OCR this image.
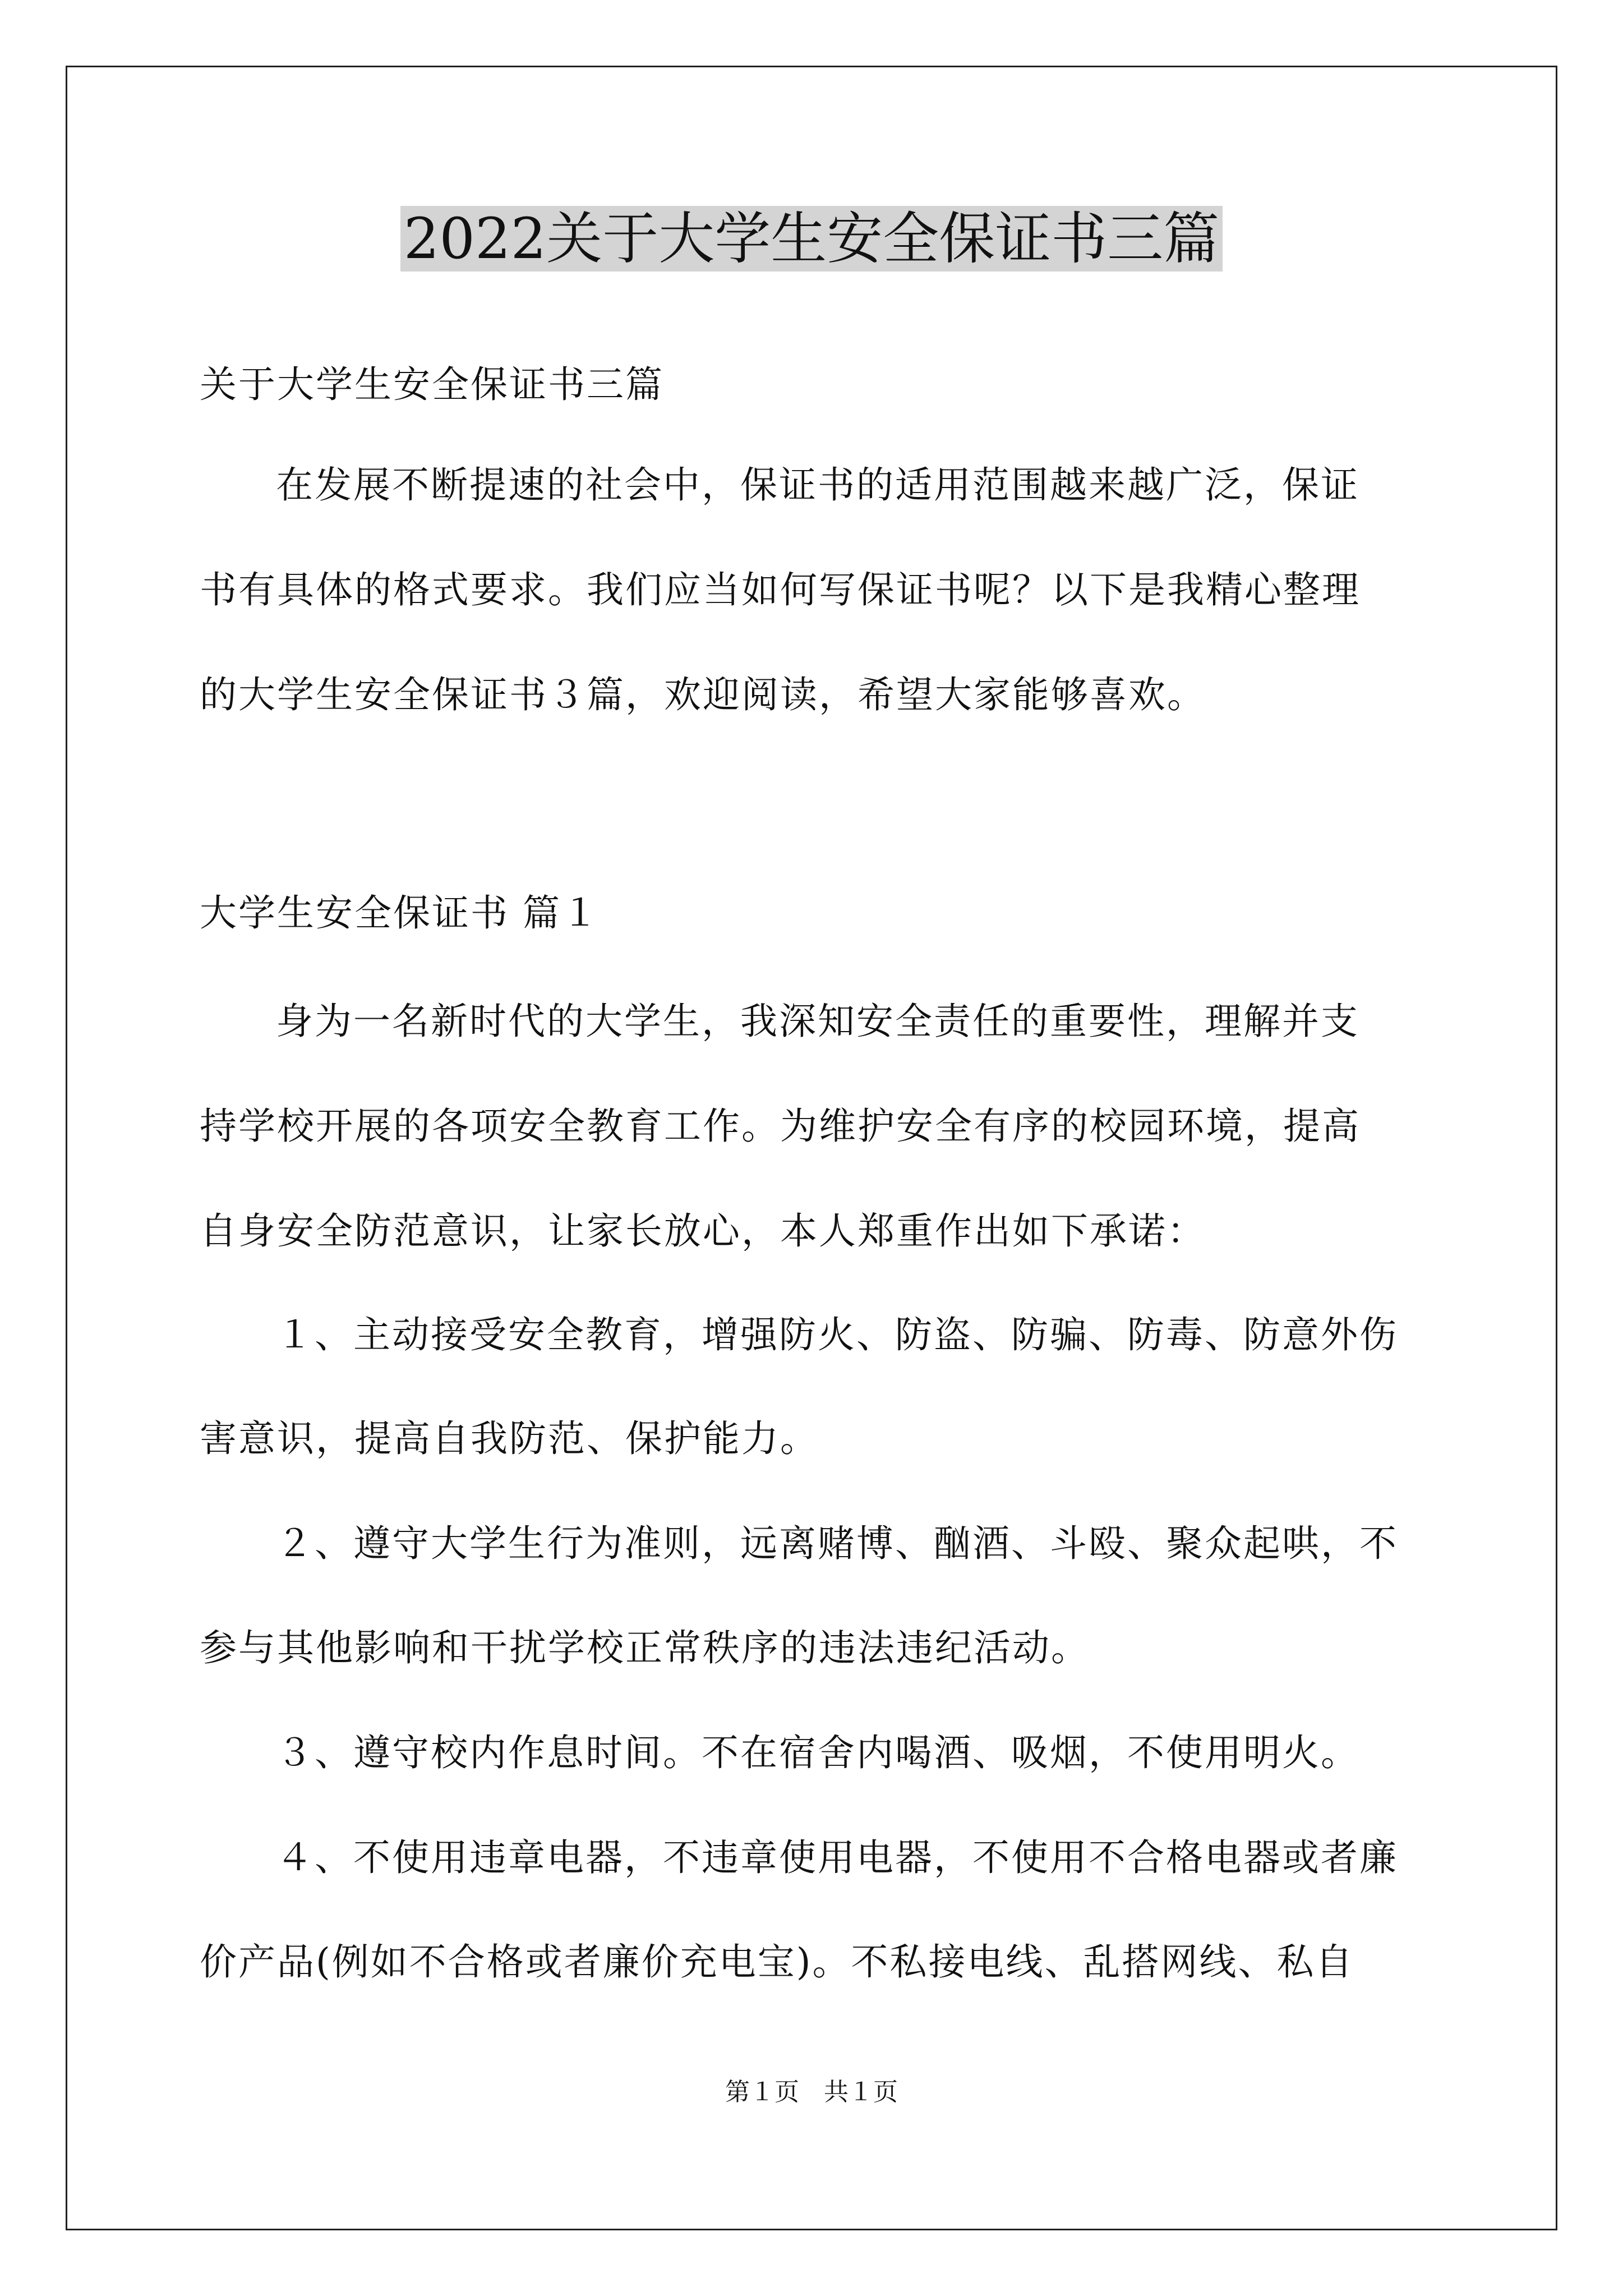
2022关于大学生安全保证书三篇
关于大学生安全保证书三篇
在发展不断提速的社会中，保证书的适用范围越来越广泛，保证
书有具体的格式要求。我们应当如何写保证书呢？以下是我精心整理
的大学生安全保证书３篇，欢迎阅读，希望大家能够喜欢。
大学生安全保证书 篇１
身为一名新时代的大学生，我深知安全责任的重要性，理解并支
持学校开展的各项安全教育工作。为维护安全有序的校园环境，提高
自身安全防范意识，让家长放心，本人郑重作出如下承诺：
１、主动接受安全教育，增强防火、防盗、防骗、防毒、防意外伤
害意识，提高自我防范、保护能力。
２、遵守大学生行为准则，远离赌博、酗酒、斗殴、聚众起哄，不
参与其他影响和干扰学校正常秩序的违法违纪活动。
３、遵守校内作息时间。不在宿舍内喝酒、吸烟，不使用明火。
４、不使用违章电器，不违章使用电器，不使用不合格电器或者廉
价产品(例如不合格或者廉价充电宝)。不私接电线、乱搭网线、私自
第１页　共１页
